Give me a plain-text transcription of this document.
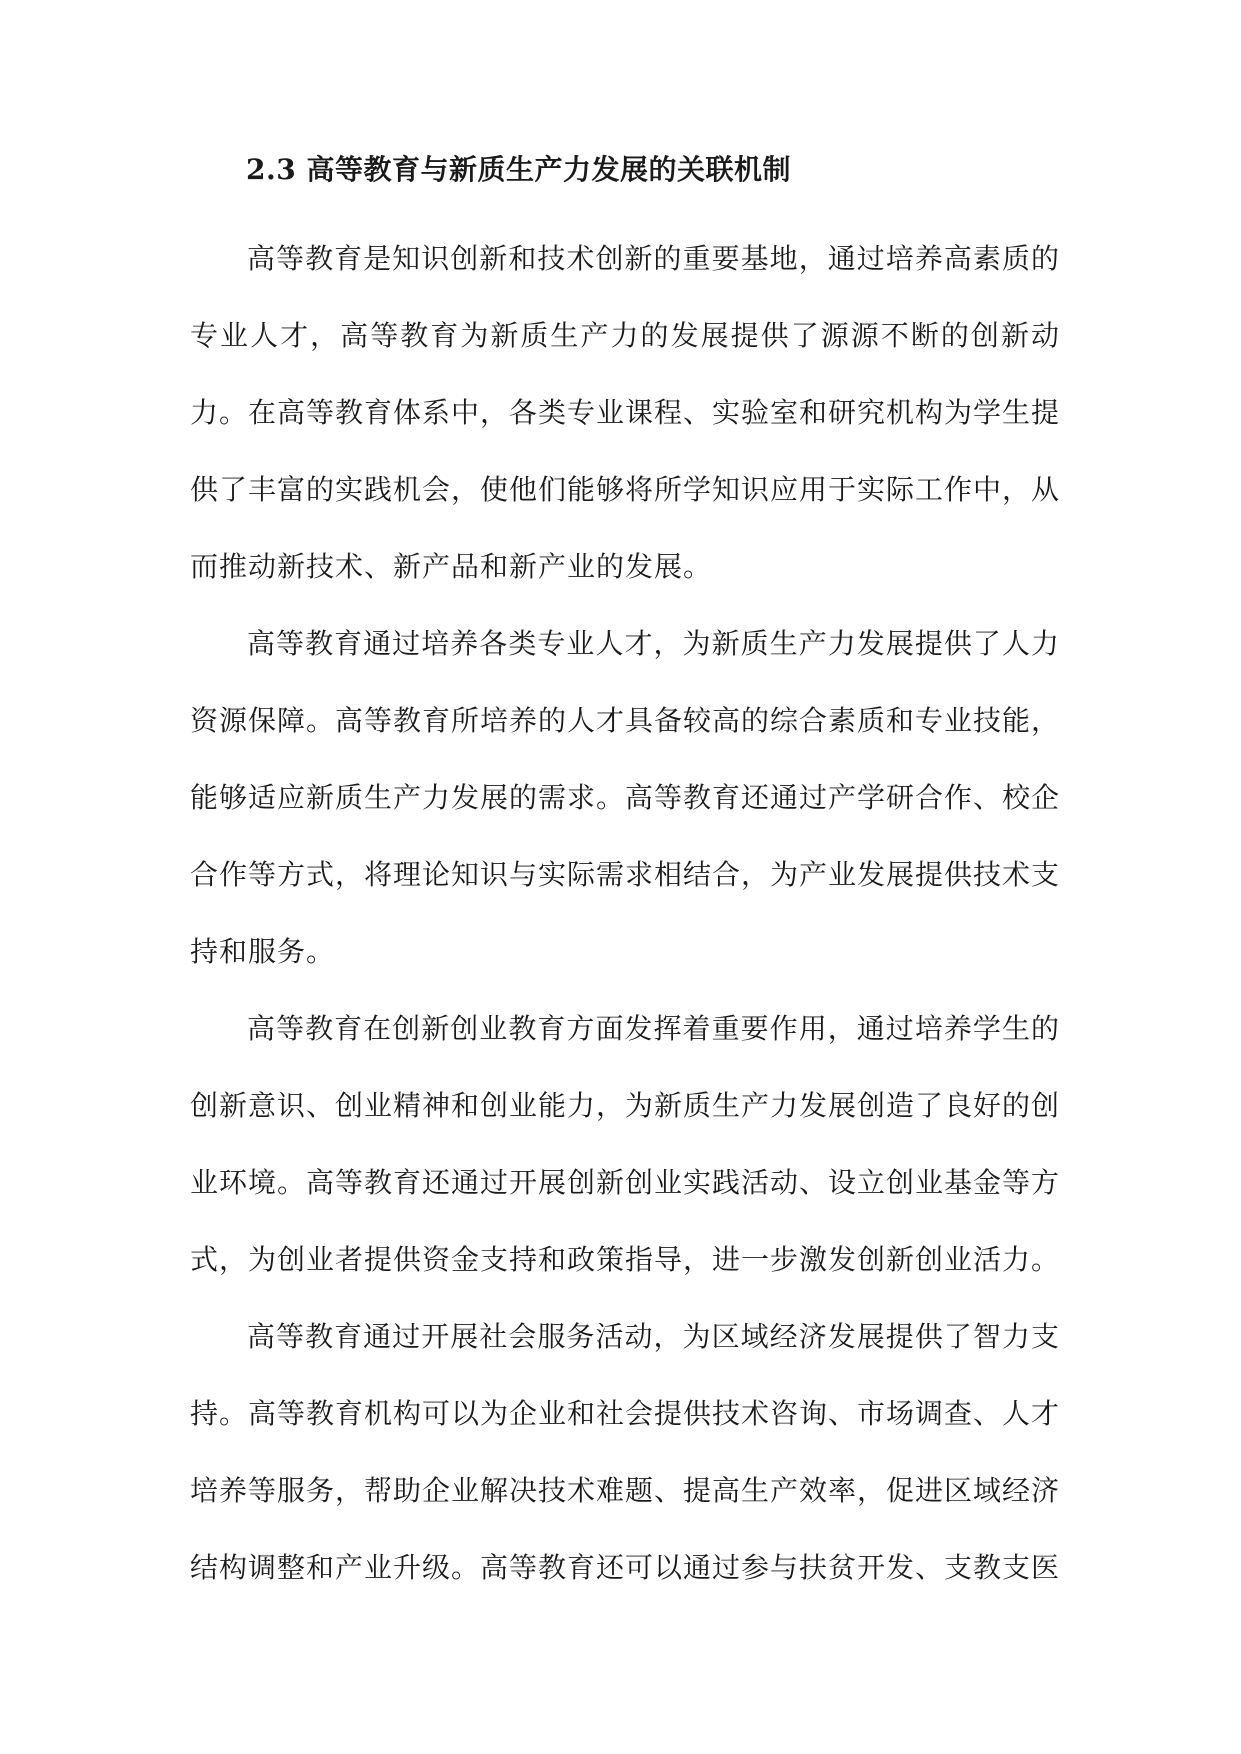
2.3 高等教育与新质生产力发展的关联机制

高等教育是知识创新和技术创新的重要基地，通过培养高素质的专业人才，高等教育为新质生产力的发展提供了源源不断的创新动力。在高等教育体系中，各类专业课程、实验室和研究机构为学生提供了丰富的实践机会，使他们能够将所学知识应用于实际工作中，从而推动新技术、新产品和新产业的发展。

高等教育通过培养各类专业人才，为新质生产力发展提供了人力资源保障。高等教育所培养的人才具备较高的综合素质和专业技能，能够适应新质生产力发展的需求。高等教育还通过产学研合作、校企合作等方式，将理论知识与实际需求相结合，为产业发展提供技术支持和服务。

高等教育在创新创业教育方面发挥着重要作用，通过培养学生的创新意识、创业精神和创业能力，为新质生产力发展创造了良好的创业环境。高等教育还通过开展创新创业实践活动、设立创业基金等方式，为创业者提供资金支持和政策指导，进一步激发创新创业活力。

高等教育通过开展社会服务活动，为区域经济发展提供了智力支持。高等教育机构可以为企业和社会提供技术咨询、市场调查、人才培养等服务，帮助企业解决技术难题、提高生产效率，促进区域经济结构调整和产业升级。高等教育还可以通过参与扶贫开发、支教支医
